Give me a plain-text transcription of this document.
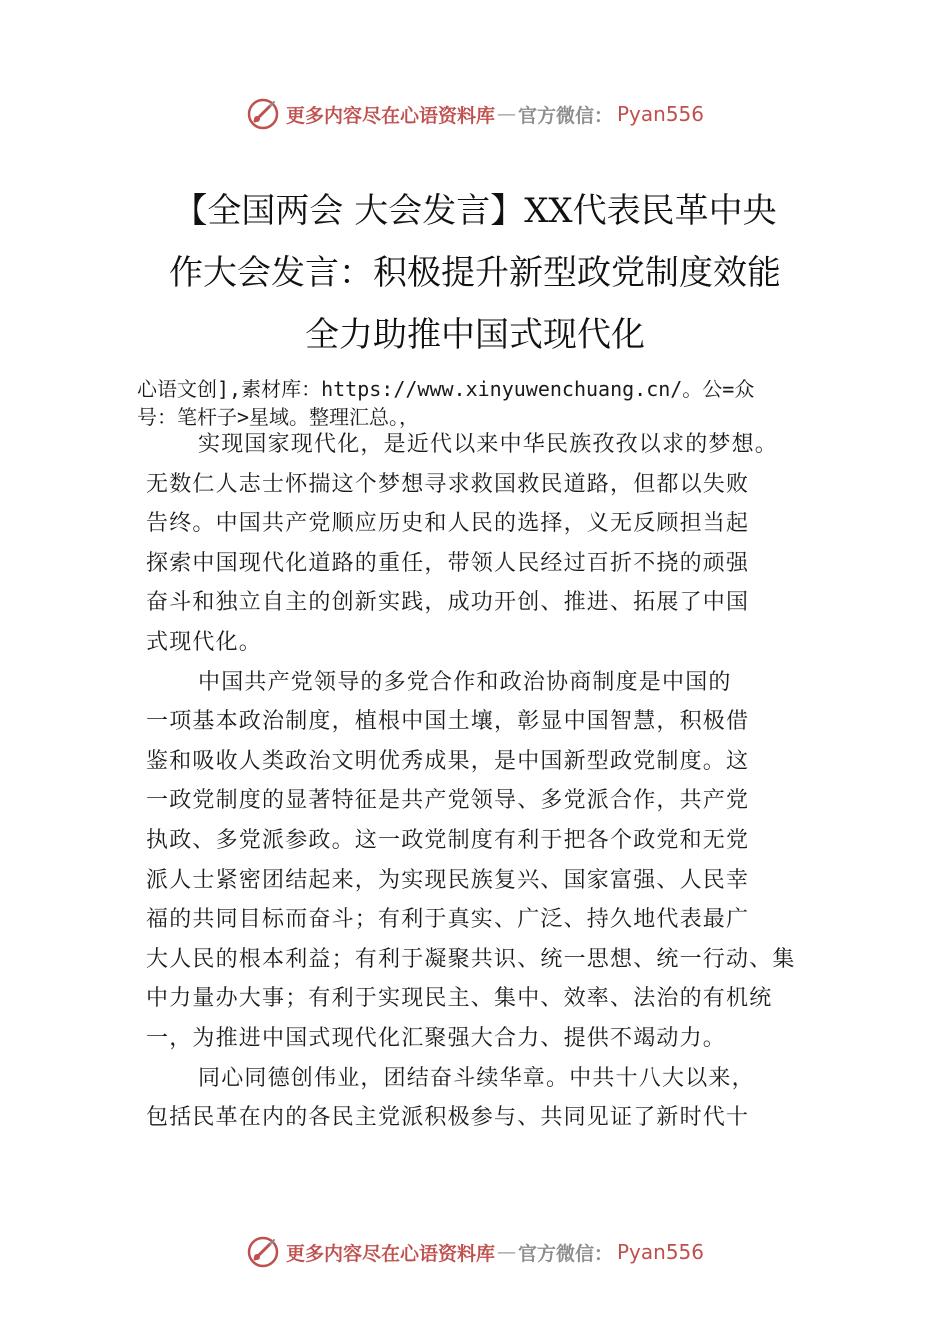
更多内容尽在心语资料库 — 官方微信： Pyan556
【全国两会 大会发言】XX代表民革中央
作大会发言：积极提升新型政党制度效能
全力助推中国式现代化
心语文创],素材库：https://www.xinyuwenchuang.cn/。公=众
号：笔杆子>星域。整理汇总。，

实现国家现代化，是近代以来中华民族孜孜以求的梦想。
无数仁人志士怀揣这个梦想寻求救国救民道路，但都以失败
告终。中国共产党顺应历史和人民的选择，义无反顾担当起
探索中国现代化道路的重任，带领人民经过百折不挠的顽强
奋斗和独立自主的创新实践，成功开创、推进、拓展了中国
式现代化。

中国共产党领导的多党合作和政治协商制度是中国的
一项基本政治制度，植根中国土壤，彰显中国智慧，积极借
鉴和吸收人类政治文明优秀成果，是中国新型政党制度。这
一政党制度的显著特征是共产党领导、多党派合作，共产党
执政、多党派参政。这一政党制度有利于把各个政党和无党
派人士紧密团结起来，为实现民族复兴、国家富强、人民幸
福的共同目标而奋斗；有利于真实、广泛、持久地代表最广
大人民的根本利益；有利于凝聚共识、统一思想、统一行动、集
中力量办大事；有利于实现民主、集中、效率、法治的有机统
一，为推进中国式现代化汇聚强大合力、提供不竭动力。

同心同德创伟业，团结奋斗续华章。中共十八大以来，
包括民革在内的各民主党派积极参与、共同见证了新时代十

更多内容尽在心语资料库 — 官方微信： Pyan556
